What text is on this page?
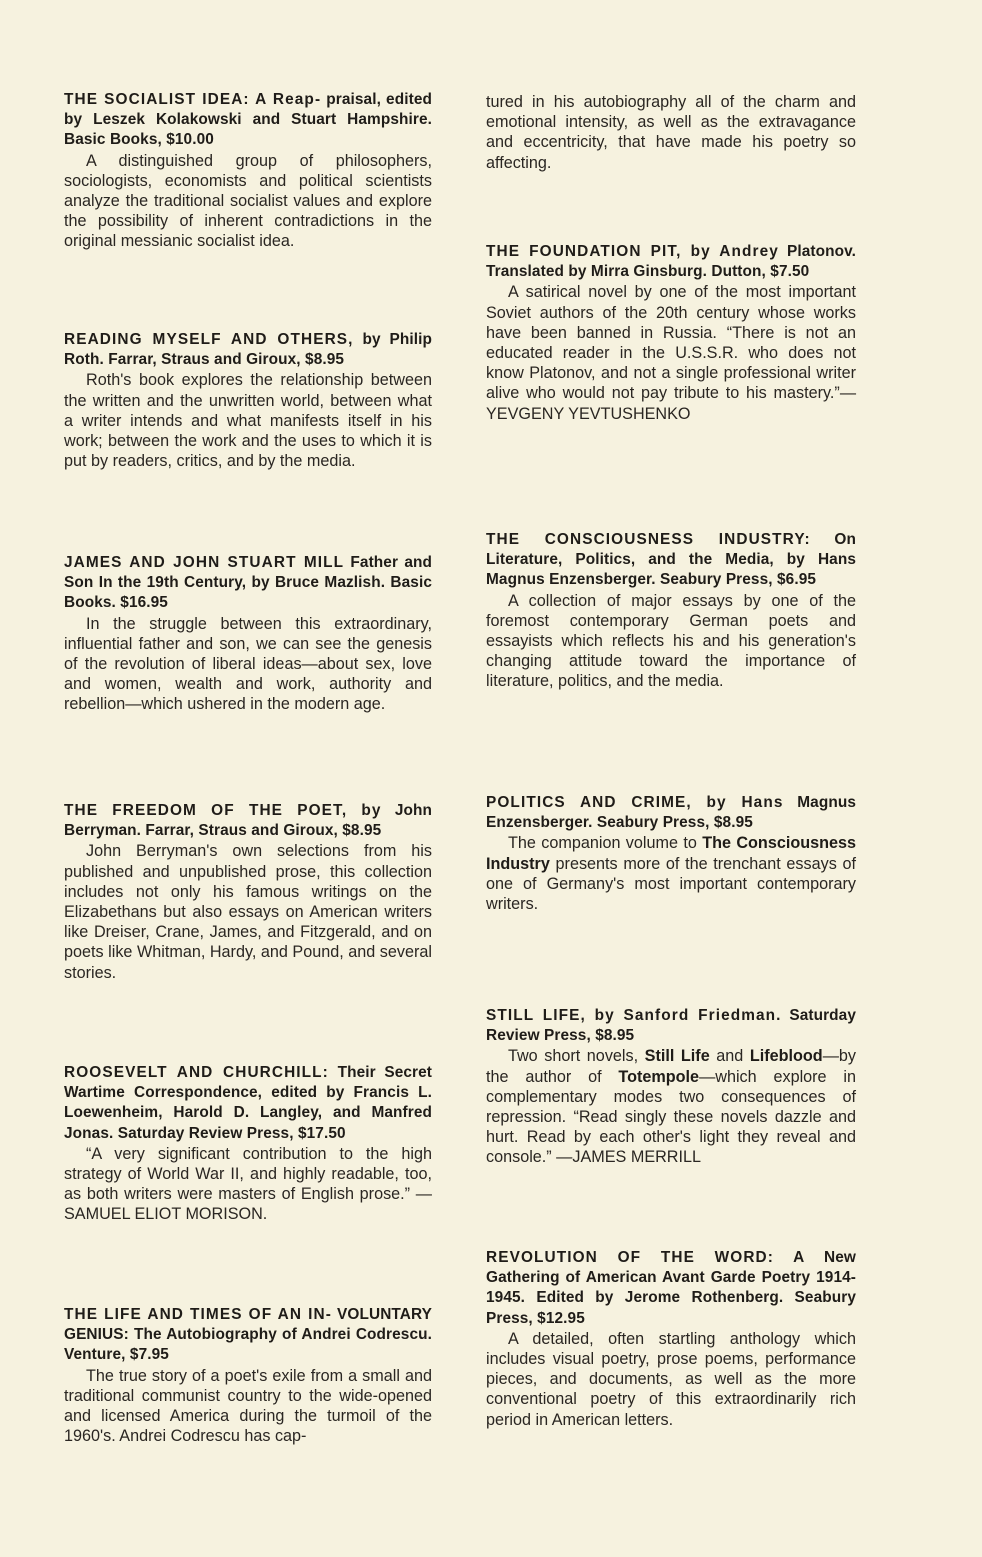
THE SOCIALIST IDEA: A Reap- praisal, edited by Leszek Kolakowski and Stuart Hampshire. Basic Books, $10.00
A distinguished group of philosophers, sociologists, economists and political scientists analyze the traditional socialist values and explore the possibility of inherent contradictions in the original messianic socialist idea.
READING MYSELF AND OTHERS, by Philip Roth. Farrar, Straus and Giroux, $8.95
Roth's book explores the relationship between the written and the unwritten world, between what a writer intends and what manifests itself in his work; between the work and the uses to which it is put by readers, critics, and by the media.
JAMES AND JOHN STUART MILL Father and Son In the 19th Century, by Bruce Mazlish. Basic Books. $16.95
In the struggle between this extraordinary, influential father and son, we can see the genesis of the revolution of liberal ideas—about sex, love and women, wealth and work, authority and rebellion—which ushered in the modern age.
THE FREEDOM OF THE POET, by John Berryman. Farrar, Straus and Giroux, $8.95
John Berryman's own selections from his published and unpublished prose, this collection includes not only his famous writings on the Elizabethans but also essays on American writers like Dreiser, Crane, James, and Fitzgerald, and on poets like Whitman, Hardy, and Pound, and several stories.
ROOSEVELT AND CHURCHILL: Their Secret Wartime Correspondence, edited by Francis L. Loewenheim, Harold D. Langley, and Manfred Jonas. Saturday Review Press, $17.50
“A very significant contribution to the high strategy of World War II, and highly readable, too, as both writers were masters of English prose.” —SAMUEL ELIOT MORISON.
THE LIFE AND TIMES OF AN IN- VOLUNTARY GENIUS: The Autobiography of Andrei Codrescu. Venture, $7.95
The true story of a poet's exile from a small and traditional communist country to the wide-opened and licensed America during the turmoil of the 1960's. Andrei Codrescu has cap-
tured in his autobiography all of the charm and emotional intensity, as well as the extravagance and eccentricity, that have made his poetry so affecting.
THE FOUNDATION PIT, by Andrey Platonov. Translated by Mirra Ginsburg. Dutton, $7.50
A satirical novel by one of the most important Soviet authors of the 20th century whose works have been banned in Russia. “There is not an educated reader in the U.S.S.R. who does not know Platonov, and not a single professional writer alive who would not pay tribute to his mastery.”—YEVGENY YEVTUSHENKO
THE CONSCIOUSNESS INDUSTRY: On Literature, Politics, and the Media, by Hans Magnus Enzensberger. Seabury Press, $6.95
A collection of major essays by one of the foremost contemporary German poets and essayists which reflects his and his generation's changing attitude toward the importance of literature, politics, and the media.
POLITICS AND CRIME, by Hans Magnus Enzensberger. Seabury Press, $8.95
The companion volume to The Consciousness Industry presents more of the trenchant essays of one of Germany's most important contemporary writers.
STILL LIFE, by Sanford Friedman. Saturday Review Press, $8.95
Two short novels, Still Life and Lifeblood—by the author of Totempole—which explore in complementary modes two consequences of repression. “Read singly these novels dazzle and hurt. Read by each other's light they reveal and console.” —JAMES MERRILL
REVOLUTION OF THE WORD: A New Gathering of American Avant Garde Poetry 1914-1945. Edited by Jerome Rothenberg. Seabury Press, $12.95
A detailed, often startling anthology which includes visual poetry, prose poems, performance pieces, and documents, as well as the more conventional poetry of this extraordinarily rich period in American letters.
